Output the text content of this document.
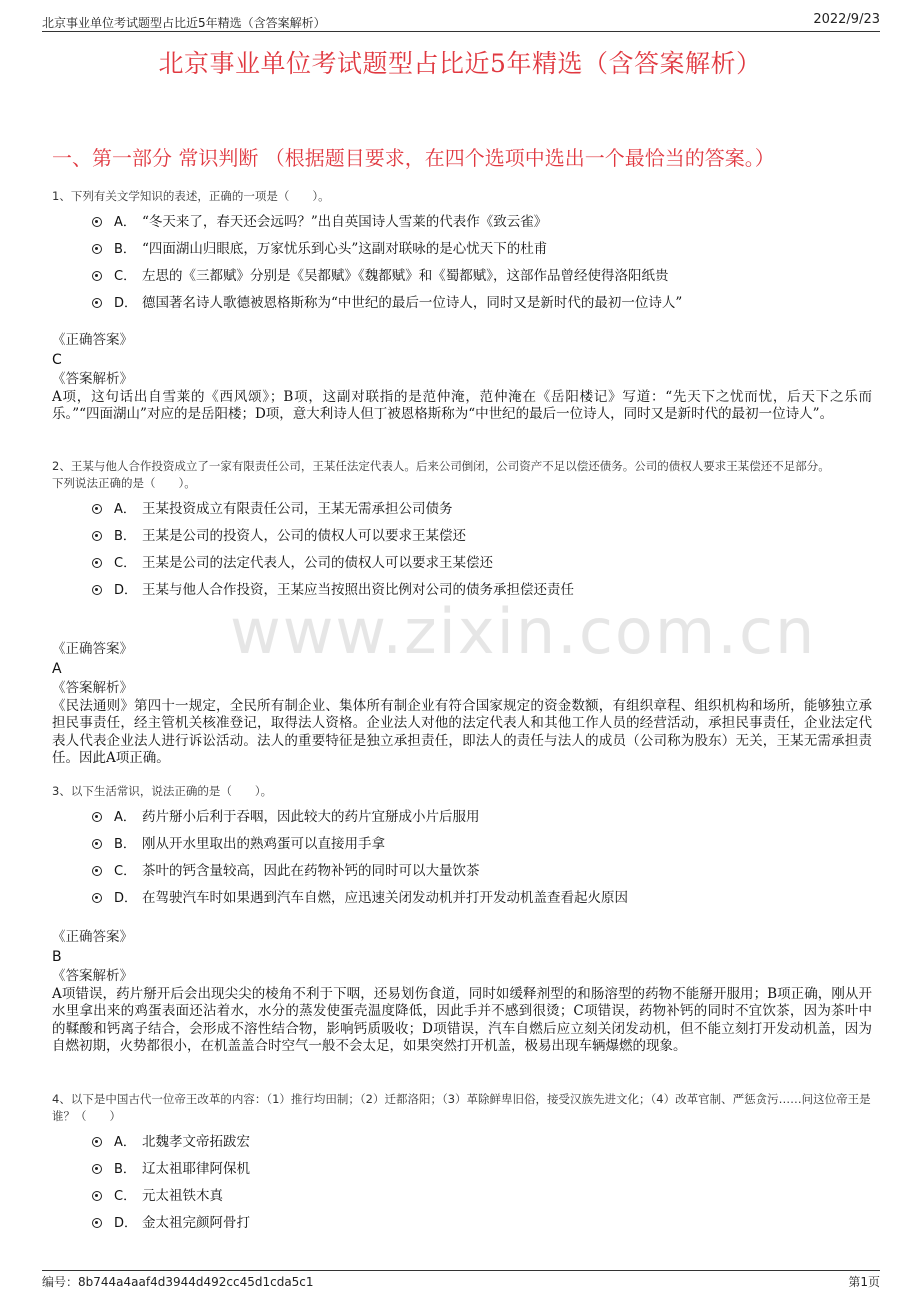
北京事业单位考试题型占比近5年精选（含答案解析）	2022/9/23
北京事业单位考试题型占比近5年精选（含答案解析）
一、第一部分 常识判断 （根据题目要求，在四个选项中选出一个最恰当的答案。）
www.zixin.com.cn
1、下列有关文学知识的表述，正确的一项是（　　）。
A． “冬天来了，春天还会远吗？”出自英国诗人雪莱的代表作《致云雀》
B． “四面湖山归眼底，万家忧乐到心头”这副对联咏的是心忧天下的杜甫
C． 左思的《三都赋》分别是《吴都赋》《魏都赋》和《蜀都赋》，这部作品曾经使得洛阳纸贵
D． 德国著名诗人歌德被恩格斯称为“中世纪的最后一位诗人，同时又是新时代的最初一位诗人”
《正确答案》
C
《答案解析》
A项，这句话出自雪莱的《西风颂》；B项，这副对联指的是范仲淹，范仲淹在《岳阳楼记》写道：“先天下之忧而忧，后天下之乐而乐。”“四面湖山”对应的是岳阳楼；D项，意大利诗人但丁被恩格斯称为“中世纪的最后一位诗人，同时又是新时代的最初一位诗人”。
2、王某与他人合作投资成立了一家有限责任公司，王某任法定代表人。后来公司倒闭，公司资产不足以偿还债务。公司的债权人要求王某偿还不足部分。
下列说法正确的是（　　）。
A． 王某投资成立有限责任公司，王某无需承担公司债务
B． 王某是公司的投资人，公司的债权人可以要求王某偿还
C． 王某是公司的法定代表人，公司的债权人可以要求王某偿还
D． 王某与他人合作投资，王某应当按照出资比例对公司的债务承担偿还责任
《正确答案》
A
《答案解析》
《民法通则》第四十一规定，全民所有制企业、集体所有制企业有符合国家规定的资金数额，有组织章程、组织机构和场所，能够独立承担民事责任，经主管机关核准登记，取得法人资格。企业法人对他的法定代表人和其他工作人员的经营活动，承担民事责任，企业法定代表人代表企业法人进行诉讼活动。法人的重要特征是独立承担责任，即法人的责任与法人的成员（公司称为股东）无关，王某无需承担责任。因此A项正确。
3、以下生活常识，说法正确的是（　　）。
A． 药片掰小后利于吞咽，因此较大的药片宜掰成小片后服用
B． 刚从开水里取出的熟鸡蛋可以直接用手拿
C． 茶叶的钙含量较高，因此在药物补钙的同时可以大量饮茶
D． 在驾驶汽车时如果遇到汽车自燃，应迅速关闭发动机并打开发动机盖查看起火原因
《正确答案》
B
《答案解析》
A项错误，药片掰开后会出现尖尖的棱角不利于下咽，还易划伤食道，同时如缓释剂型的和肠溶型的药物不能掰开服用；B项正确，刚从开水里拿出来的鸡蛋表面还沾着水，水分的蒸发使蛋壳温度降低，因此手并不感到很烫；C项错误，药物补钙的同时不宜饮茶，因为茶叶中的鞣酸和钙离子结合，会形成不溶性结合物，影响钙质吸收；D项错误，汽车自燃后应立刻关闭发动机，但不能立刻打开发动机盖，因为自燃初期，火势都很小，在机盖盖合时空气一般不会太足，如果突然打开机盖，极易出现车辆爆燃的现象。
4、以下是中国古代一位帝王改革的内容：（1）推行均田制；（2）迁都洛阳；（3）革除鲜卑旧俗，接受汉族先进文化；（4）改革官制、严惩贪污……问这位帝王是谁？（　　）
A． 北魏孝文帝拓跋宏
B． 辽太祖耶律阿保机
C． 元太祖铁木真
D． 金太祖完颜阿骨打
编号：8b744a4aaf4d3944d492cc45d1cda5c1	第1页
